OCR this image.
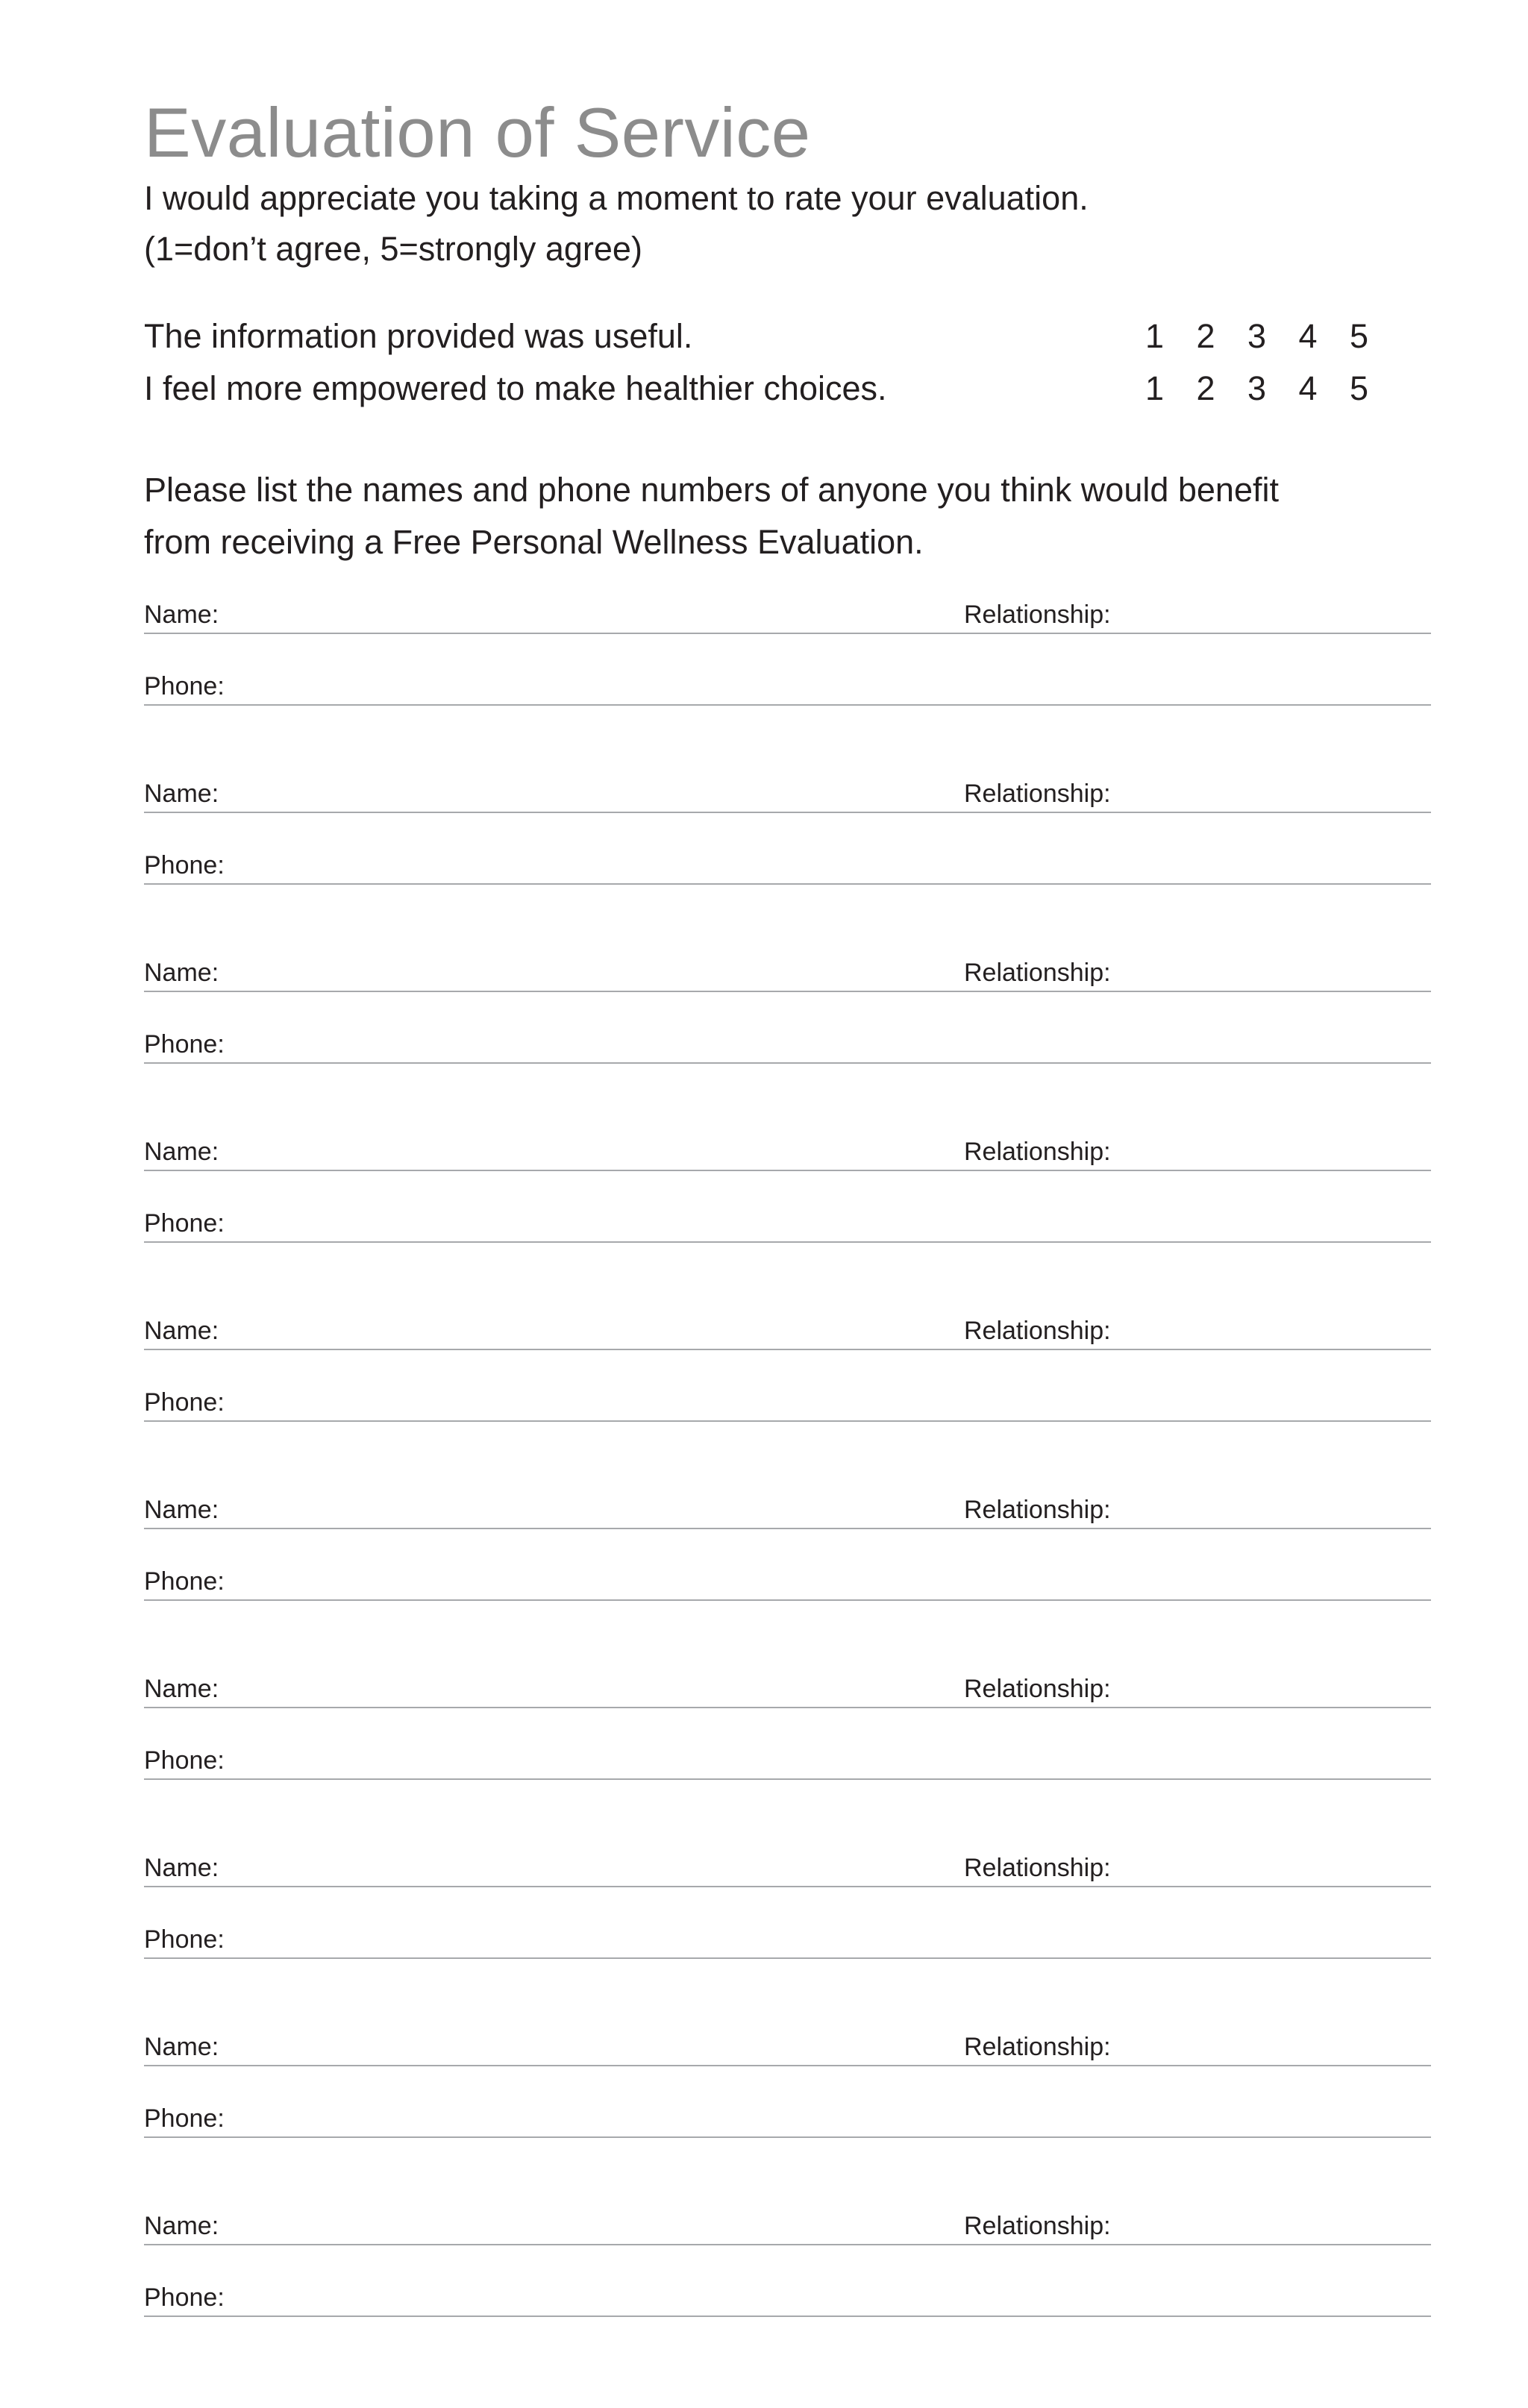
Evaluation of Service
I would appreciate you taking a moment to rate your evaluation.
(1=don’t agree, 5=strongly agree)
The information provided was useful.	1 2 3 4 5
I feel more empowered to make healthier choices.	1 2 3 4 5
Please list the names and phone numbers of anyone you think would benefit
from receiving a Free Personal Wellness Evaluation.
Name:	Relationship:
Phone:
Name:	Relationship:
Phone:
Name:	Relationship:
Phone:
Name:	Relationship:
Phone:
Name:	Relationship:
Phone:
Name:	Relationship:
Phone:
Name:	Relationship:
Phone:
Name:	Relationship:
Phone:
Name:	Relationship:
Phone:
Name:	Relationship:
Phone:
